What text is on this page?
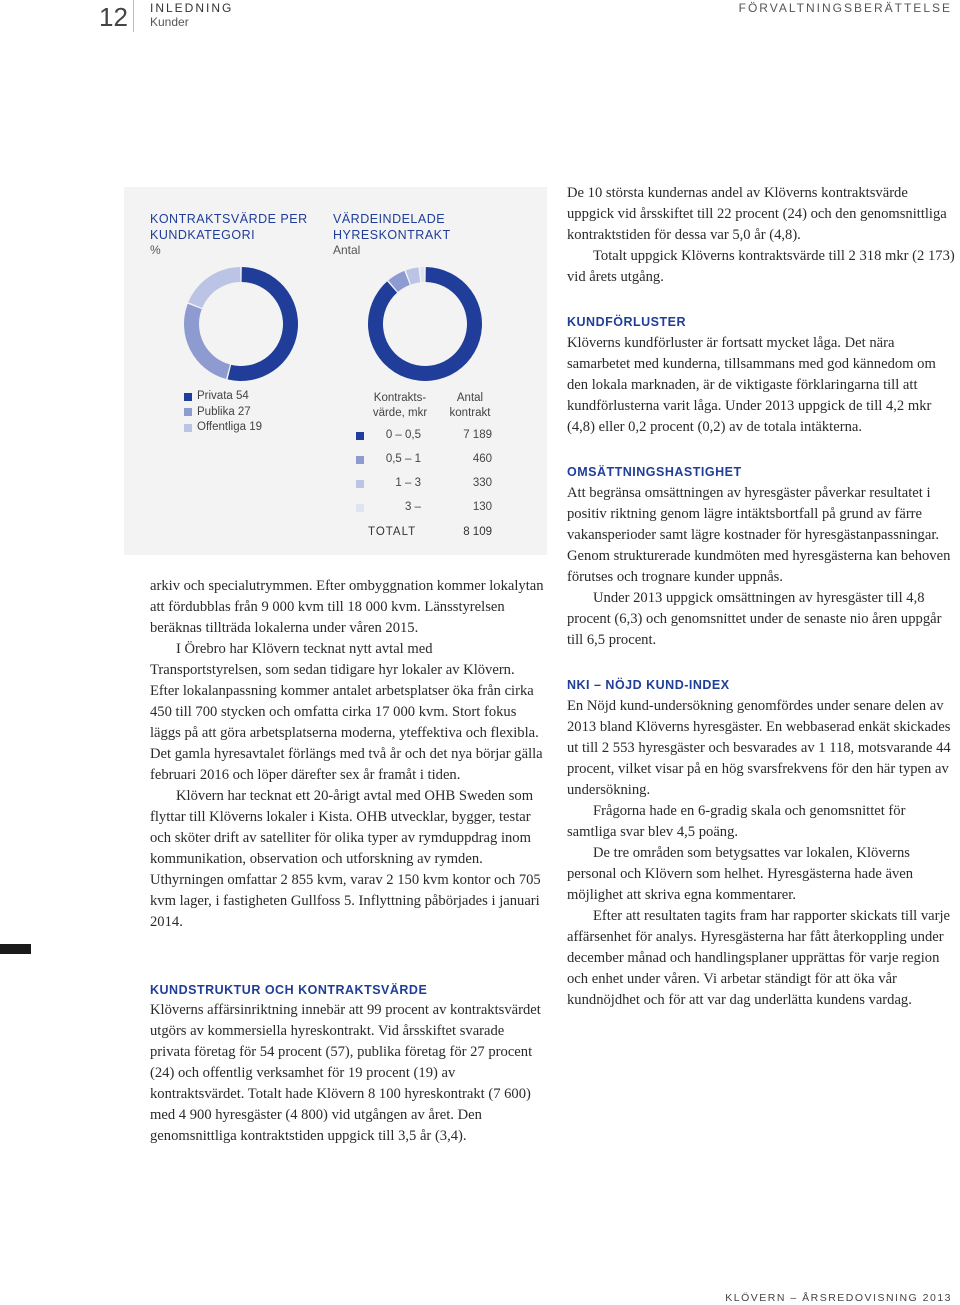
12 INLEDNING
Kunder
FÖRVALTNINGSBERÄTTELSE
KONTRAKTSVÄRDE PER KUNDKATEGORI
%
VÄRDEINDELADE HYRESKONTRAKT
Antal
Privata 54
Publika 27
Offentliga 19
Kontrakts-
värde, mkr
Antal
kontrakt
0 – 0,5	7 189
0,5 – 1	460
1 – 3	330
3 –	130
TOTALT	8 109

arkiv och specialutrymmen. Efter ombyggnation kommer lokalytan att fördubblas från 9 000 kvm till 18 000 kvm. Länsstyrelsen beräknas tillträda lokalerna under våren 2015.

I Örebro har Klövern tecknat nytt avtal med Transportstyrelsen, som sedan tidigare hyr lokaler av Klövern. Efter lokalanpassning kommer antalet arbetsplatser öka från cirka 450 till 700 stycken och omfatta cirka 17 000 kvm. Stort fokus läggs på att göra arbetsplatserna moderna, yteffektiva och flexibla. Det gamla hyresavtalet förlängs med två år och det nya börjar gälla februari 2016 och löper därefter sex år framåt i tiden.

Klövern har tecknat ett 20-årigt avtal med OHB Sweden som flyttar till Klöverns lokaler i Kista. OHB utvecklar, bygger, testar och sköter drift av satelliter för olika typer av rymduppdrag inom kommunikation, observation och utforskning av rymden. Uthyrningen omfattar 2 855 kvm, varav 2 150 kvm kontor och 705 kvm lager, i fastigheten Gullfoss 5. Inflyttning påbörjades i januari 2014.

KUNDSTRUKTUR OCH KONTRAKTSVÄRDE

Klöverns affärsinriktning innebär att 99 procent av kontraktsvärdet utgörs av kommersiella hyreskontrakt. Vid årsskiftet svarade privata företag för 54 procent (57), publika företag för 27 procent (24) och offentlig verksamhet för 19 procent (19) av kontraktsvärdet. Totalt hade Klövern 8 100 hyreskontrakt (7 600) med 4 900 hyresgäster (4 800) vid utgången av året. Den genomsnittliga kontraktstiden uppgick till 3,5 år (3,4).

De 10 största kundernas andel av Klöverns kontraktsvärde uppgick vid årsskiftet till 22 procent (24) och den genomsnittliga kontraktstiden för dessa var 5,0 år (4,8).

Totalt uppgick Klöverns kontraktsvärde till 2 318 mkr (2 173) vid årets utgång.

KUNDFÖRLUSTER

Klöverns kundförluster är fortsatt mycket låga. Det nära samarbetet med kunderna, tillsammans med god kännedom om den lokala marknaden, är de viktigaste förklaringarna till att kundförlusterna varit låga. Under 2013 uppgick de till 4,2 mkr (4,8) eller 0,2 procent (0,2) av de totala intäkterna.

OMSÄTTNINGSHASTIGHET

Att begränsa omsättningen av hyresgäster påverkar resultatet i positiv riktning genom lägre intäktsbortfall på grund av färre vakansperioder samt lägre kostnader för hyresgästanpassningar. Genom strukturerade kundmöten med hyresgästerna kan behoven förutses och trognare kunder uppnås.

Under 2013 uppgick omsättningen av hyresgäster till 4,8 procent (6,3) och genomsnittet under de senaste nio åren uppgår till 6,5 procent.

NKI – NÖJD KUND-INDEX

En Nöjd kund-undersökning genomfördes under senare delen av 2013 bland Klöverns hyresgäster. En webbaserad enkät skickades ut till 2 553 hyresgäster och besvarades av 1 118, motsvarande 44 procent, vilket visar på en hög svarsfrekvens för den här typen av undersökning.

Frågorna hade en 6-gradig skala och genomsnittet för samtliga svar blev 4,5 poäng.

De tre områden som betygsattes var lokalen, Klöverns personal och Klövern som helhet. Hyresgästerna hade även möjlighet att skriva egna kommentarer.

Efter att resultaten tagits fram har rapporter skickats till varje affärsenhet för analys. Hyresgästerna har fått återkoppling under december månad och handlingsplaner upprättas för varje region och enhet under våren. Vi arbetar ständigt för att öka vår kundnöjdhet och för att var dag underlätta kundens vardag.

KLÖVERN – ÅRSREDOVISNING 2013
